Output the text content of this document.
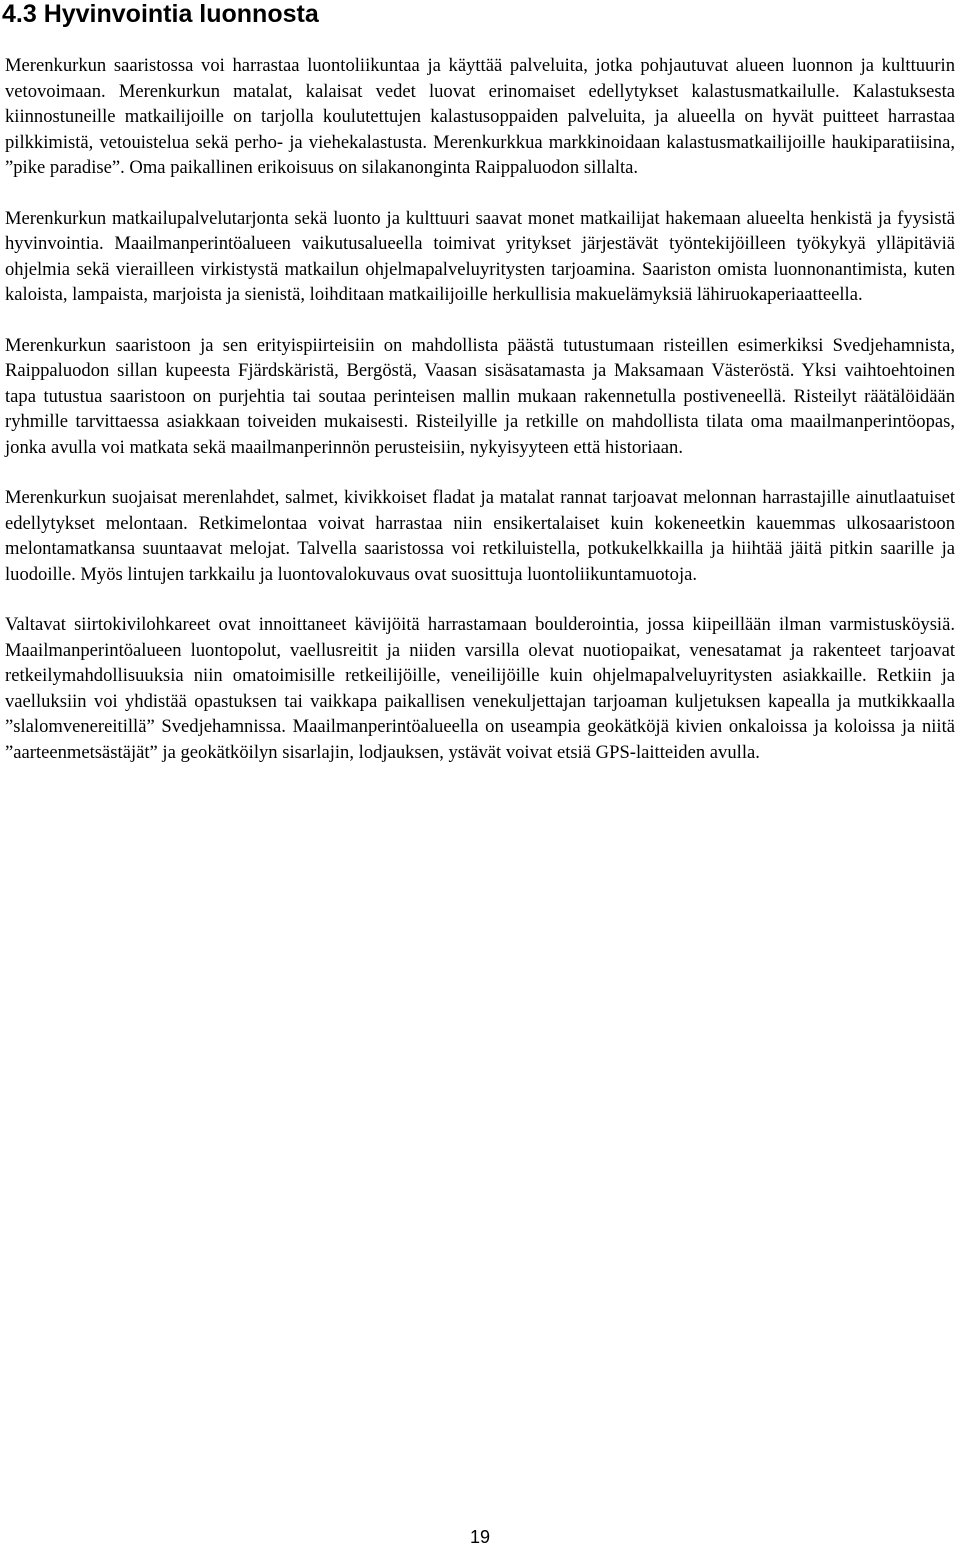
4.3 Hyvinvointia luonnosta

Merenkurkun saaristossa voi harrastaa luontoliikuntaa ja käyttää palveluita, jotka pohjautuvat alueen luonnon ja kulttuurin vetovoimaan. Merenkurkun matalat, kalaisat vedet luovat erinomaiset edellytykset kalastusmatkailulle. Kalastuksesta kiinnostuneille matkailijoille on tarjolla koulutettujen kalastusoppaiden palveluita, ja alueella on hyvät puitteet harrastaa pilkkimistä, vetouistelua sekä perho- ja viehekalastusta. Merenkurkkua markkinoidaan kalastusmatkailijoille haukiparatiisina, ”pike paradise”. Oma paikallinen erikoisuus on silakanonginta Raippaluodon sillalta.

Merenkurkun matkailupalvelutarjonta sekä luonto ja kulttuuri saavat monet matkailijat hakemaan alueelta henkistä ja fyysistä hyvinvointia. Maailmanperintöalueen vaikutusalueella toimivat yritykset järjestävät työntekijöilleen työkykyä ylläpitäviä ohjelmia sekä vierailleen virkistystä matkailun ohjelmapalveluyritysten tarjoamina. Saariston omista luonnonantimista, kuten kaloista, lampaista, marjoista ja sienistä, loihditaan matkailijoille herkullisia makuelämyksiä lähiruokaperiaatteella.

Merenkurkun saaristoon ja sen erityispiirteisiin on mahdollista päästä tutustumaan risteillen esimerkiksi Svedjehamnista, Raippaluodon sillan kupeesta Fjärdskäristä, Bergöstä, Vaasan sisäsatamasta ja Maksamaan Västeröstä. Yksi vaihtoehtoinen tapa tutustua saaristoon on purjehtia tai soutaa perinteisen mallin mukaan rakennetulla postiveneellä. Risteilyt räätälöidään ryhmille tarvittaessa asiakkaan toiveiden mukaisesti. Risteilyille ja retkille on mahdollista tilata oma maailmanperintöopas, jonka avulla voi matkata sekä maailmanperinnön perusteisiin, nykyisyyteen että historiaan.

Merenkurkun suojaisat merenlahdet, salmet, kivikkoiset fladat ja matalat rannat tarjoavat melonnan harrastajille ainutlaatuiset edellytykset melontaan. Retkimelontaa voivat harrastaa niin ensikertalaiset kuin kokeneetkin kauemmas ulkosaaristoon melontamatkansa suuntaavat melojat. Talvella saaristossa voi retkiluistella, potkukelkkailla ja hiihtää jäitä pitkin saarille ja luodoille. Myös lintujen tarkkailu ja luontovalokuvaus ovat suosittuja luontoliikuntamuotoja.

Valtavat siirtokivilohkareet ovat innoittaneet kävijöitä harrastamaan boulderointia, jossa kiipeillään ilman varmistusköysiä. Maailmanperintöalueen luontopolut, vaellusreitit ja niiden varsilla olevat nuotiopaikat, venesatamat ja rakenteet tarjoavat retkeilymahdollisuuksia niin omatoimisille retkeilijöille, veneilijöille kuin ohjelmapalveluyritysten asiakkaille. Retkiin ja vaelluksiin voi yhdistää opastuksen tai vaikkapa paikallisen venekuljettajan tarjoaman kuljetuksen kapealla ja mutkikkaalla ”slalomvenereitillä” Svedjehamnissa. Maailmanperintöalueella on useampia geokätköjä kivien onkaloissa ja koloissa ja niitä ”aarteenmetsästäjät” ja geokätköilyn sisarlajin, lodjauksen, ystävät voivat etsiä GPS-laitteiden avulla.

19
